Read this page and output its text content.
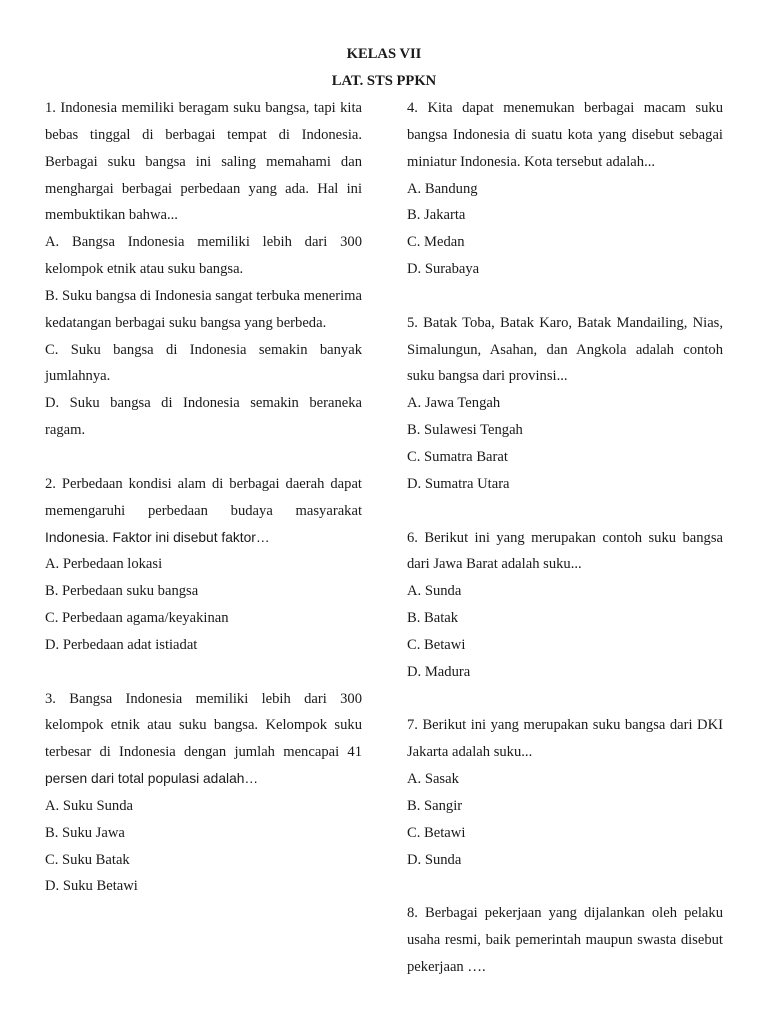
KELAS VII
LAT. STS PPKN

1. Indonesia memiliki beragam suku bangsa, tapi kita bebas tinggal di berbagai tempat di Indonesia. Berbagai suku bangsa ini saling memahami dan menghargai berbagai perbedaan yang ada. Hal ini membuktikan bahwa...

A. Bangsa Indonesia memiliki lebih dari 300 kelompok etnik atau suku bangsa.
B. Suku bangsa di Indonesia sangat terbuka menerima kedatangan berbagai suku bangsa yang berbeda.
C. Suku bangsa di Indonesia semakin banyak jumlahnya.
D. Suku bangsa di Indonesia semakin beraneka ragam.

2. Perbedaan kondisi alam di berbagai daerah dapat memengaruhi perbedaan budaya masyarakat Indonesia. Faktor ini disebut faktor…

A. Perbedaan lokasi
B. Perbedaan suku bangsa
C. Perbedaan agama/keyakinan
D. Perbedaan adat istiadat

3. Bangsa Indonesia memiliki lebih dari 300 kelompok etnik atau suku bangsa. Kelompok suku terbesar di Indonesia dengan jumlah mencapai 41 persen dari total populasi adalah…

A. Suku Sunda
B. Suku Jawa
C. Suku Batak
D. Suku Betawi

4. Kita dapat menemukan berbagai macam suku bangsa Indonesia di suatu kota yang disebut sebagai miniatur Indonesia. Kota tersebut adalah...

A. Bandung
B. Jakarta
C. Medan
D. Surabaya

5. Batak Toba, Batak Karo, Batak Mandailing, Nias, Simalungun, Asahan, dan Angkola adalah contoh suku bangsa dari provinsi...

A. Jawa Tengah
B. Sulawesi Tengah
C. Sumatra Barat
D. Sumatra Utara

6. Berikut ini yang merupakan contoh suku bangsa dari Jawa Barat adalah suku...

A. Sunda
B. Batak
C. Betawi
D. Madura

7. Berikut ini yang merupakan suku bangsa dari DKI Jakarta adalah suku...

A. Sasak
B. Sangir
C. Betawi
D. Sunda

8. Berbagai pekerjaan yang dijalankan oleh pelaku usaha resmi, baik pemerintah maupun swasta disebut pekerjaan ….
